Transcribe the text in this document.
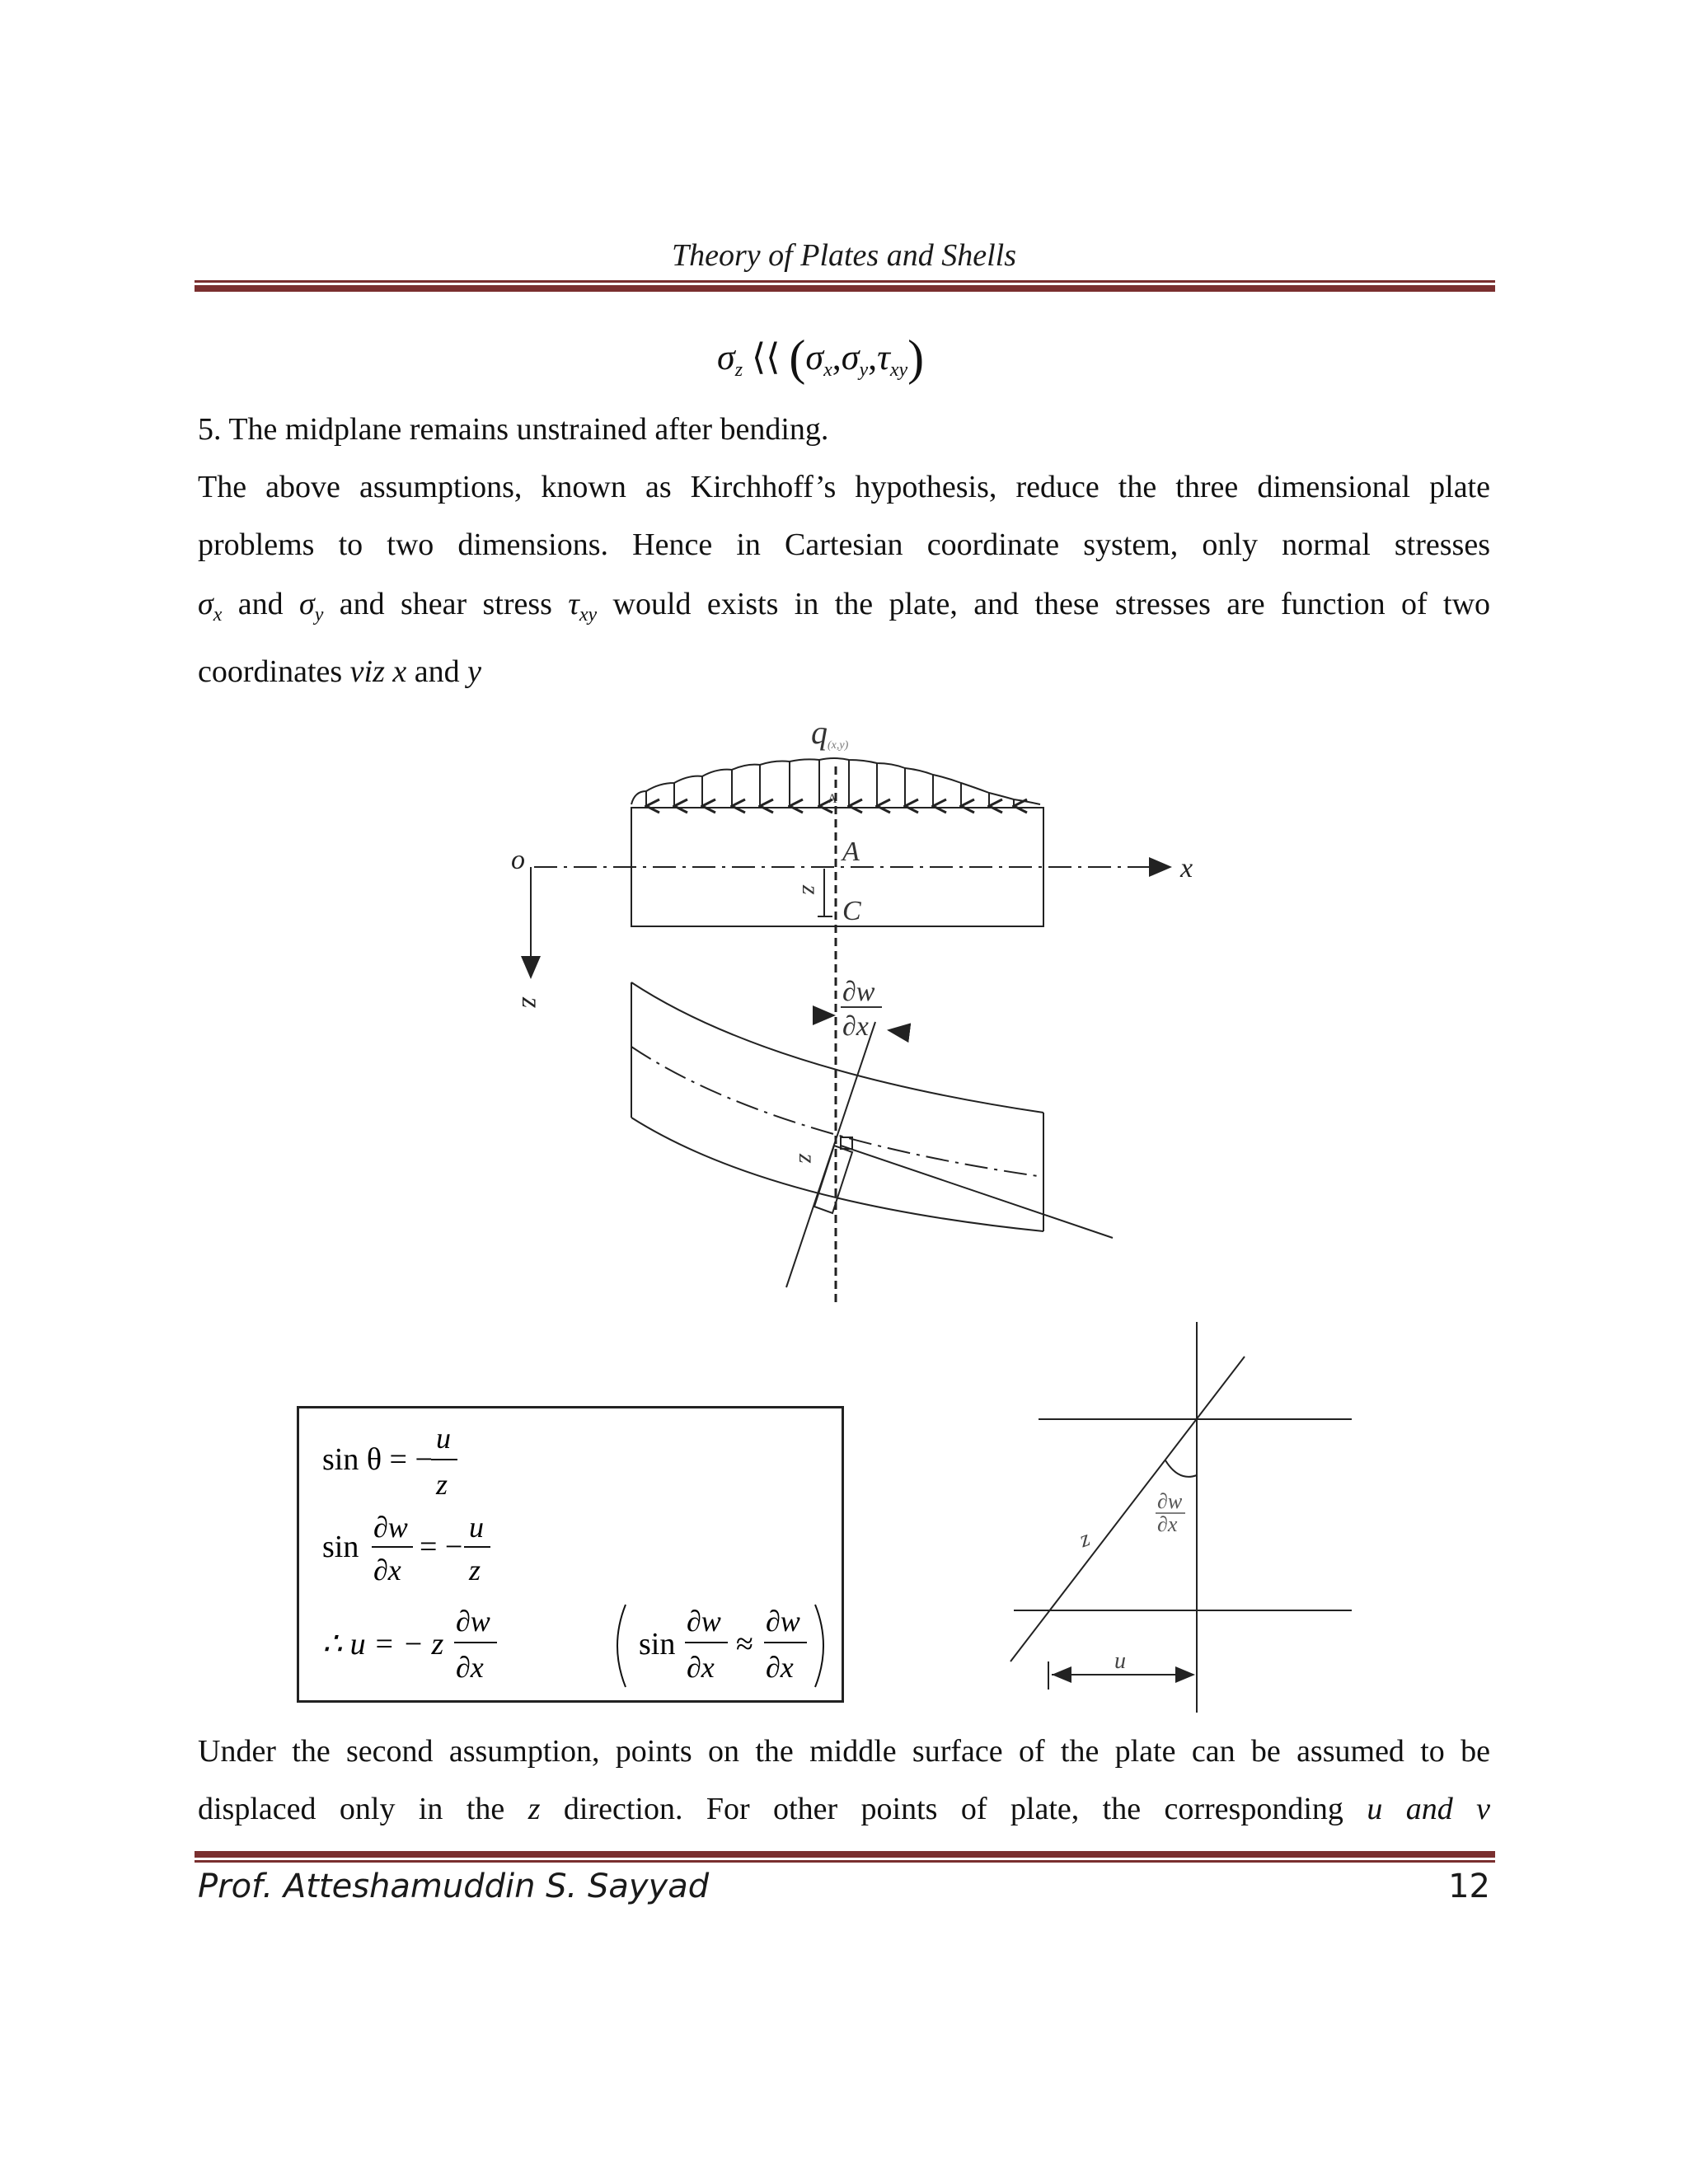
Theory of Plates and Shells
$\sigma_z$ ⟨⟨ $(\sigma_x,\sigma_y,\tau_{xy})$
5. The midplane remains unstrained after bending.
The above assumptions, known as Kirchhoff’s hypothesis, reduce the three dimensional plate
problems to two dimensions. Hence in Cartesian coordinate system, only normal stresses
$\sigma_x$ and $\sigma_y$ and shear stress $\tau_{xy}$ would exists in the plate, and these stresses are function of two
coordinates viz x and y
q (x,y)
A
x
o
z
A
C
z
z
∂w
∂x
sin θ = −
u
z
sin
∂w
∂x
= −
u
z
∴ u = − z
∂w
∂x
sin
∂w
∂x
≈
∂w
∂x
∂w
∂x
z
u
Under the second assumption, points on the middle surface of the plate can be assumed to be
displaced only in the z direction. For other points of plate, the corresponding u and v
Prof. Atteshamuddin S. Sayyad	12
